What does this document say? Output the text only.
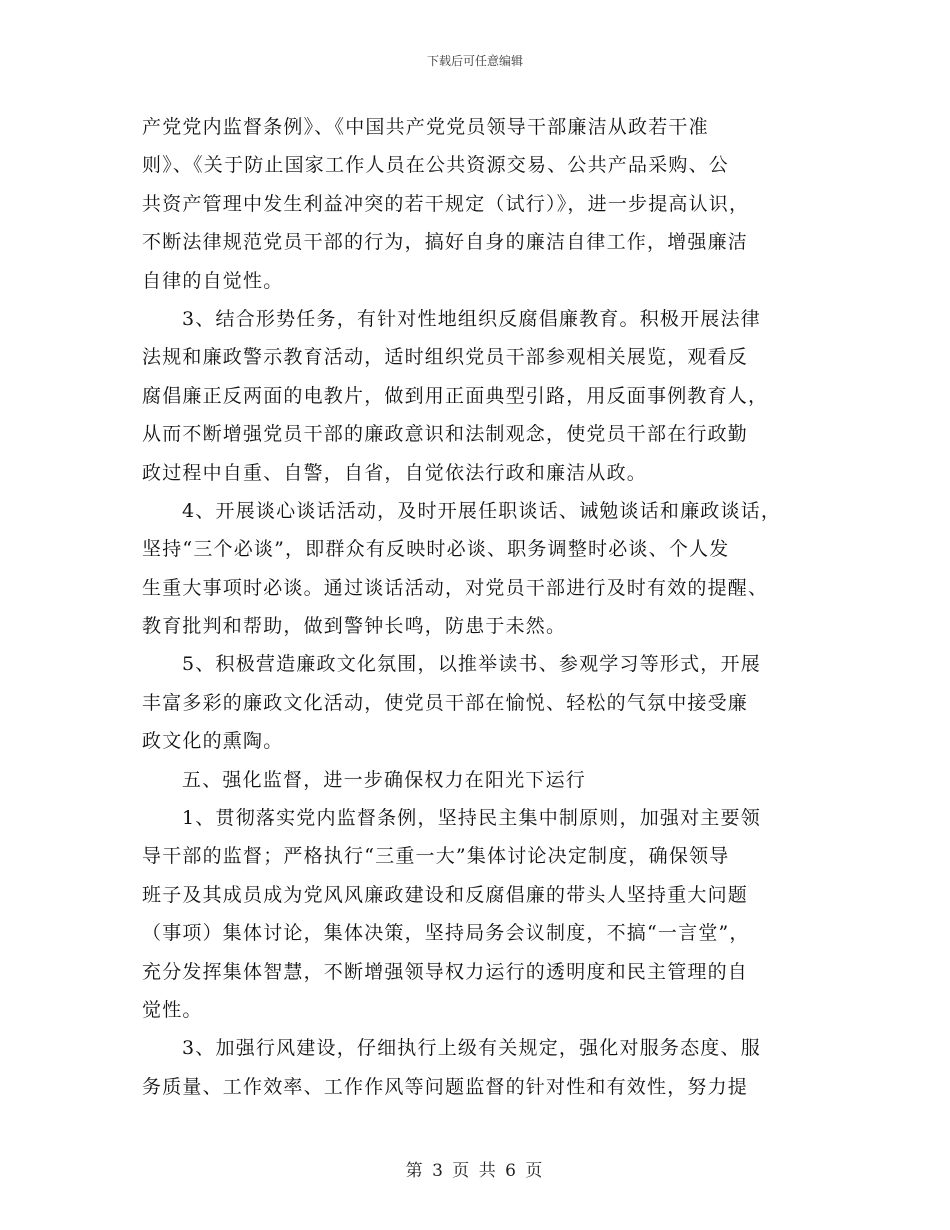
下载后可任意编辑
产党党内监督条例》、《中国共产党党员领导干部廉洁从政若干准
则》、《关于防止国家工作人员在公共资源交易、公共产品采购、公
共资产管理中发生利益冲突的若干规定（试行）》，进一步提高认识，
不断法律规范党员干部的行为，搞好自身的廉洁自律工作，增强廉洁
自律的自觉性。
3、结合形势任务，有针对性地组织反腐倡廉教育。积极开展法律
法规和廉政警示教育活动，适时组织党员干部参观相关展览，观看反
腐倡廉正反两面的电教片，做到用正面典型引路，用反面事例教育人，
从而不断增强党员干部的廉政意识和法制观念，使党员干部在行政勤
政过程中自重、自警，自省，自觉依法行政和廉洁从政。
4、开展谈心谈话活动，及时开展任职谈话、诫勉谈话和廉政谈话，
坚持“三个必谈”，即群众有反映时必谈、职务调整时必谈、个人发
生重大事项时必谈。通过谈话活动，对党员干部进行及时有效的提醒、
教育批判和帮助，做到警钟长鸣，防患于未然。
5、积极营造廉政文化氛围，以推举读书、参观学习等形式，开展
丰富多彩的廉政文化活动，使党员干部在愉悦、轻松的气氛中接受廉
政文化的熏陶。
五、强化监督，进一步确保权力在阳光下运行
1、贯彻落实党内监督条例，坚持民主集中制原则，加强对主要领
导干部的监督；严格执行“三重一大”集体讨论决定制度，确保领导
班子及其成员成为党风风廉政建设和反腐倡廉的带头人坚持重大问题
（事项）集体讨论，集体决策，坚持局务会议制度，不搞“一言堂”，
充分发挥集体智慧，不断增强领导权力运行的透明度和民主管理的自
觉性。
3、加强行风建设，仔细执行上级有关规定，强化对服务态度、服
务质量、工作效率、工作作风等问题监督的针对性和有效性，努力提
第 3 页 共 6 页
